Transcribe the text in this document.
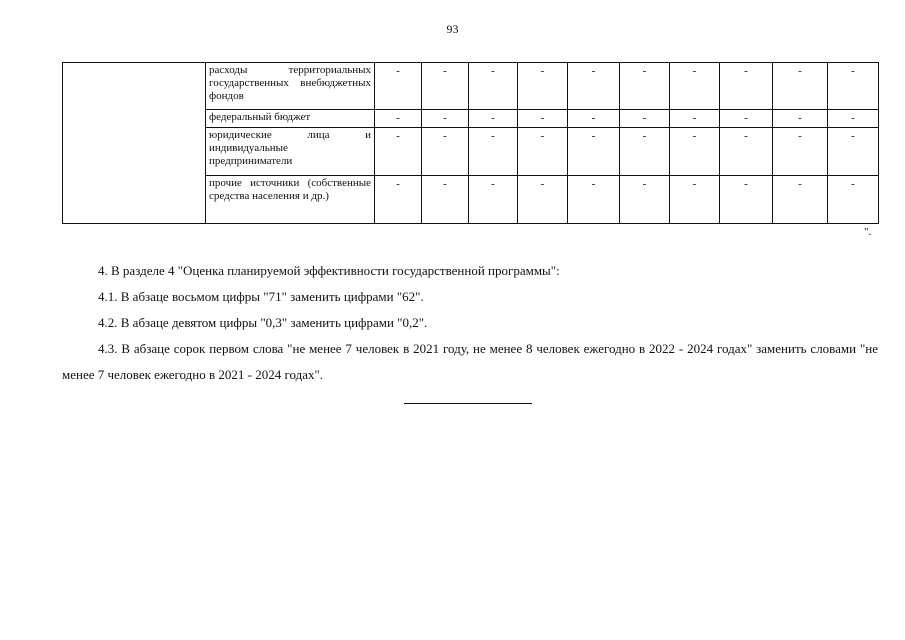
93
	расходы территориальных государственных внебюджетных фондов	-	-	-	-	-	-	-	-	-	-
	федеральный бюджет	-	-	-	-	-	-	-	-	-	-
	юридические лица и индивидуальные предприниматели	-	-	-	-	-	-	-	-	-	-
	прочие источники (собственные средства населения и др.)	-	-	-	-	-	-	-	-	-	-
".

4. В разделе 4 "Оценка планируемой эффективности государственной программы":

4.1. В абзаце восьмом цифры "71" заменить цифрами "62".

4.2. В абзаце девятом цифры "0,3" заменить цифрами "0,2".

4.3. В абзаце сорок первом слова "не менее 7 человек в 2021 году, не менее 8 человек ежегодно в 2022 - 2024 годах" заменить словами "не менее 7 человек ежегодно в 2021 - 2024 годах".
